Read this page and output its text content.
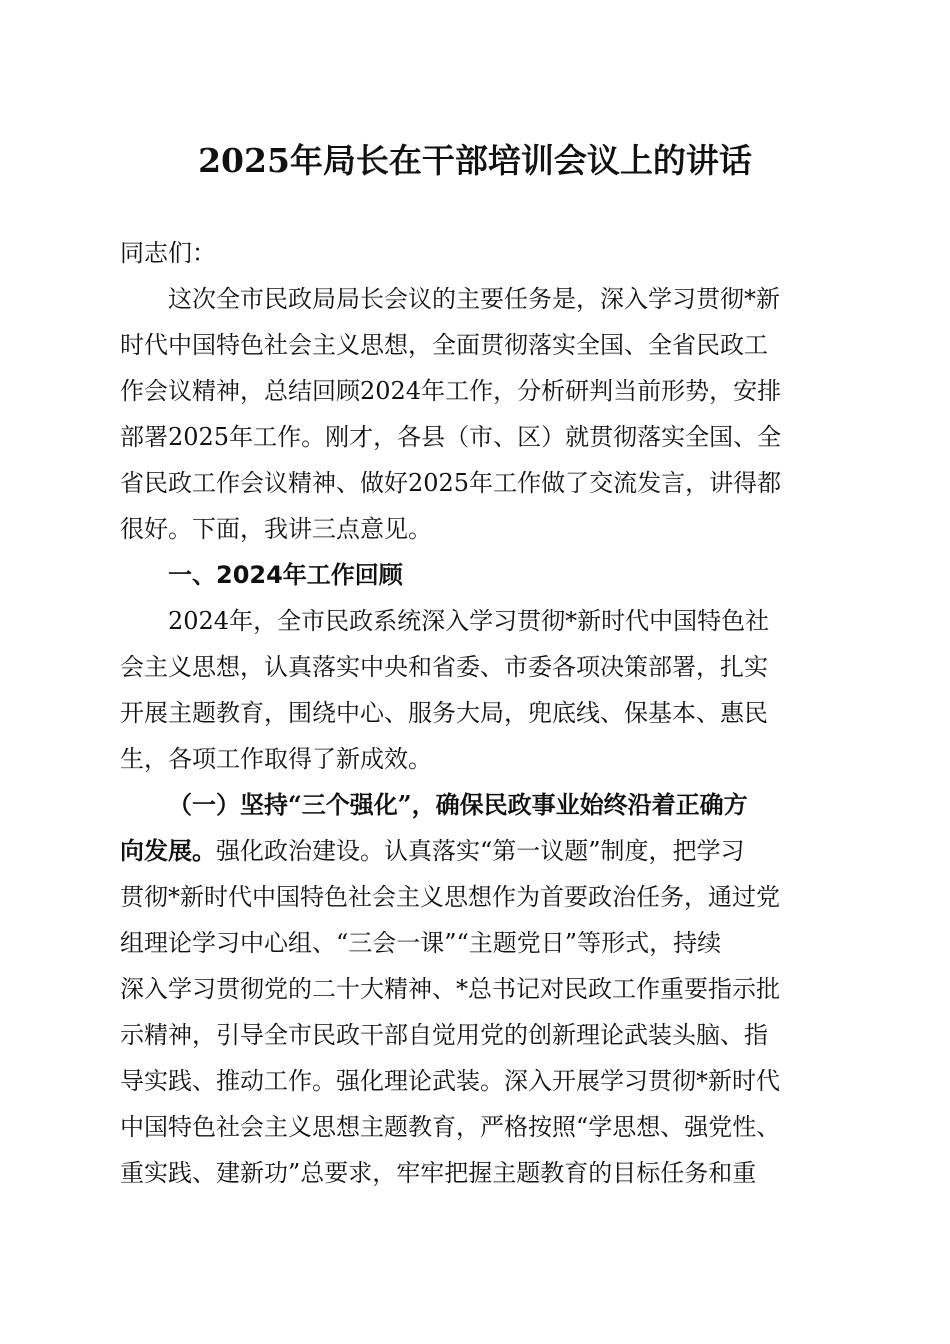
2025年局长在干部培训会议上的讲话
同志们：
这次全市民政局局长会议的主要任务是，深入学习贯彻*新
时代中国特色社会主义思想，全面贯彻落实全国、全省民政工
作会议精神，总结回顾2024年工作，分析研判当前形势，安排
部署2025年工作。刚才，各县（市、区）就贯彻落实全国、全
省民政工作会议精神、做好2025年工作做了交流发言，讲得都
很好。下面，我讲三点意见。
一、2024年工作回顾
2024年，全市民政系统深入学习贯彻*新时代中国特色社
会主义思想，认真落实中央和省委、市委各项决策部署，扎实
开展主题教育，围绕中心、服务大局，兜底线、保基本、惠民
生，各项工作取得了新成效。
（一）坚持“三个强化”，确保民政事业始终沿着正确方
向发展。强化政治建设。认真落实“第一议题”制度，把学习
贯彻*新时代中国特色社会主义思想作为首要政治任务，通过党
组理论学习中心组、“三会一课”“主题党日”等形式，持续
深入学习贯彻党的二十大精神、*总书记对民政工作重要指示批
示精神，引导全市民政干部自觉用党的创新理论武装头脑、指
导实践、推动工作。强化理论武装。深入开展学习贯彻*新时代
中国特色社会主义思想主题教育，严格按照“学思想、强党性、
重实践、建新功”总要求，牢牢把握主题教育的目标任务和重
